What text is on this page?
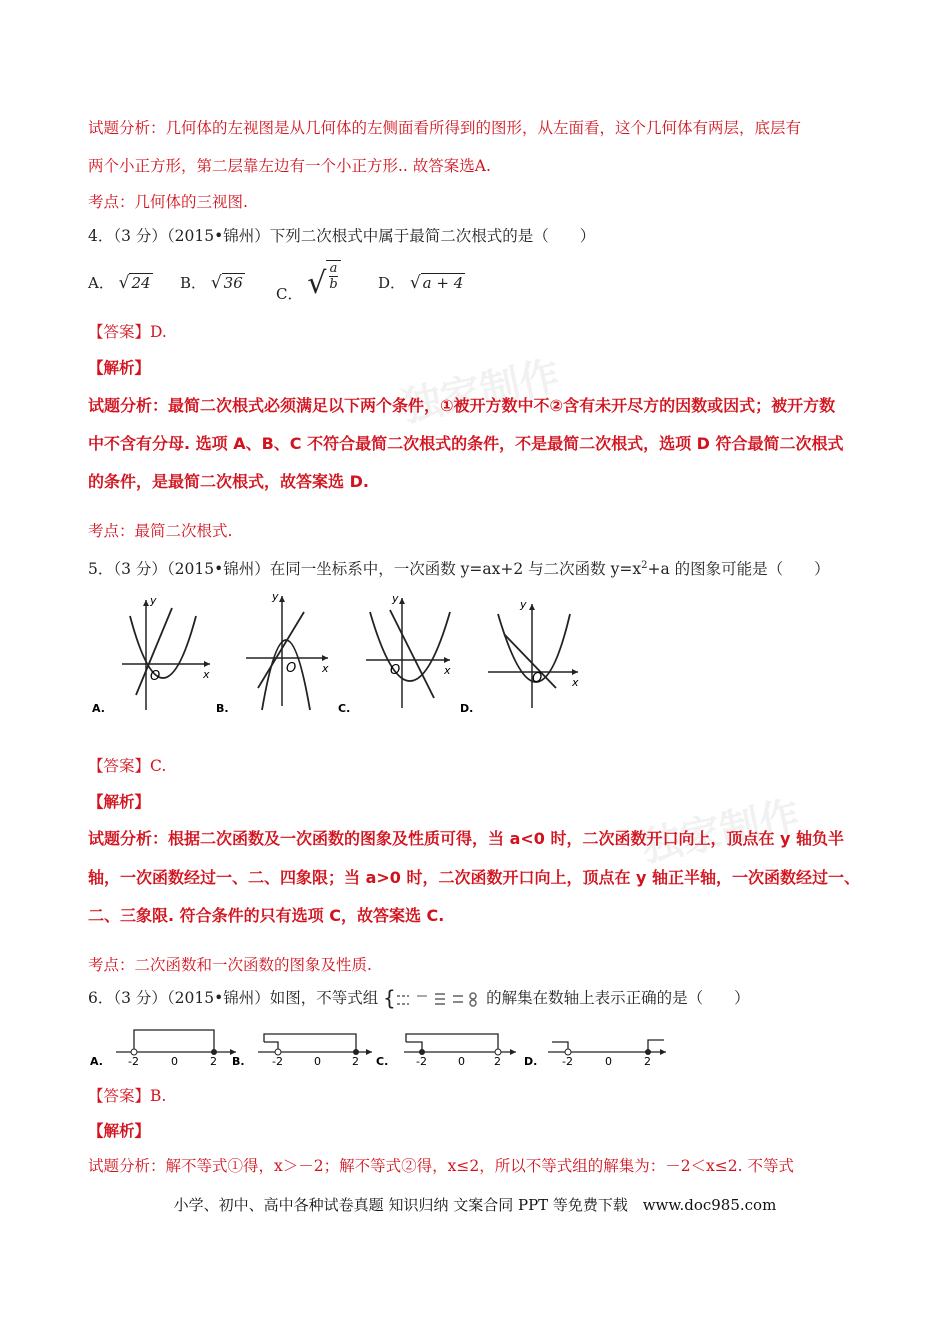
独家制作
独家制作
试题分析：几何体的左视图是从几何体的左侧面看所得到的图形，从左面看，这个几何体有两层，底层有
两个小正方形，第二层靠左边有一个小正方形.. 故答案选A.
考点：几何体的三视图.
4．（3 分）（2015•锦州）下列二次根式中属于最简二次根式的是（　　）
A． √ 24 B． √ 36
C． √ $\frac{a}{b}$ D． √ a + 4
【答案】D.
【解析】
试题分析：最简二次根式必须满足以下两个条件，①被开方数中不②含有未开尽方的因数或因式；被开方数
中不含有分母. 选项 A、B、C 不符合最简二次根式的条件，不是最简二次根式，选项 D 符合最简二次根式
的条件，是最简二次根式，故答案选 D.
考点：最简二次根式.
5．（3 分）（2015•锦州）在同一坐标系中，一次函数 y=ax+2 与二次函数 $y=x^2+a$ 的图象可能是（　　）
O	x
y
A.
O x
y
B.
O	x
y
C.
O	x
y
D.
【答案】C.
【解析】
试题分析：根据二次函数及一次函数的图象及性质可得，当 a<0 时，二次函数开口向上，顶点在 y 轴负半
轴，一次函数经过一、二、四象限；当 a>0 时，二次函数开口向上，顶点在 y 轴正半轴，一次函数经过一、
二、三象限. 符合条件的只有选项 C，故答案选 C.
考点：二次函数和一次函数的图象及性质.
6．（3 分）（2015•锦州）如图，不等式组 {	的解集在数轴上表示正确的是（　　）
A. -2	0	2 B. -2	0	2 C.	-2	0	2 D. -2	0	2
【答案】B.
【解析】
试题分析：解不等式①得，x＞－2；解不等式②得，x≤2，所以不等式组的解集为：－2＜x≤2. 不等式
小学、初中、高中各种试卷真题 知识归纳 文案合同 PPT 等免费下载 www.doc985.com
